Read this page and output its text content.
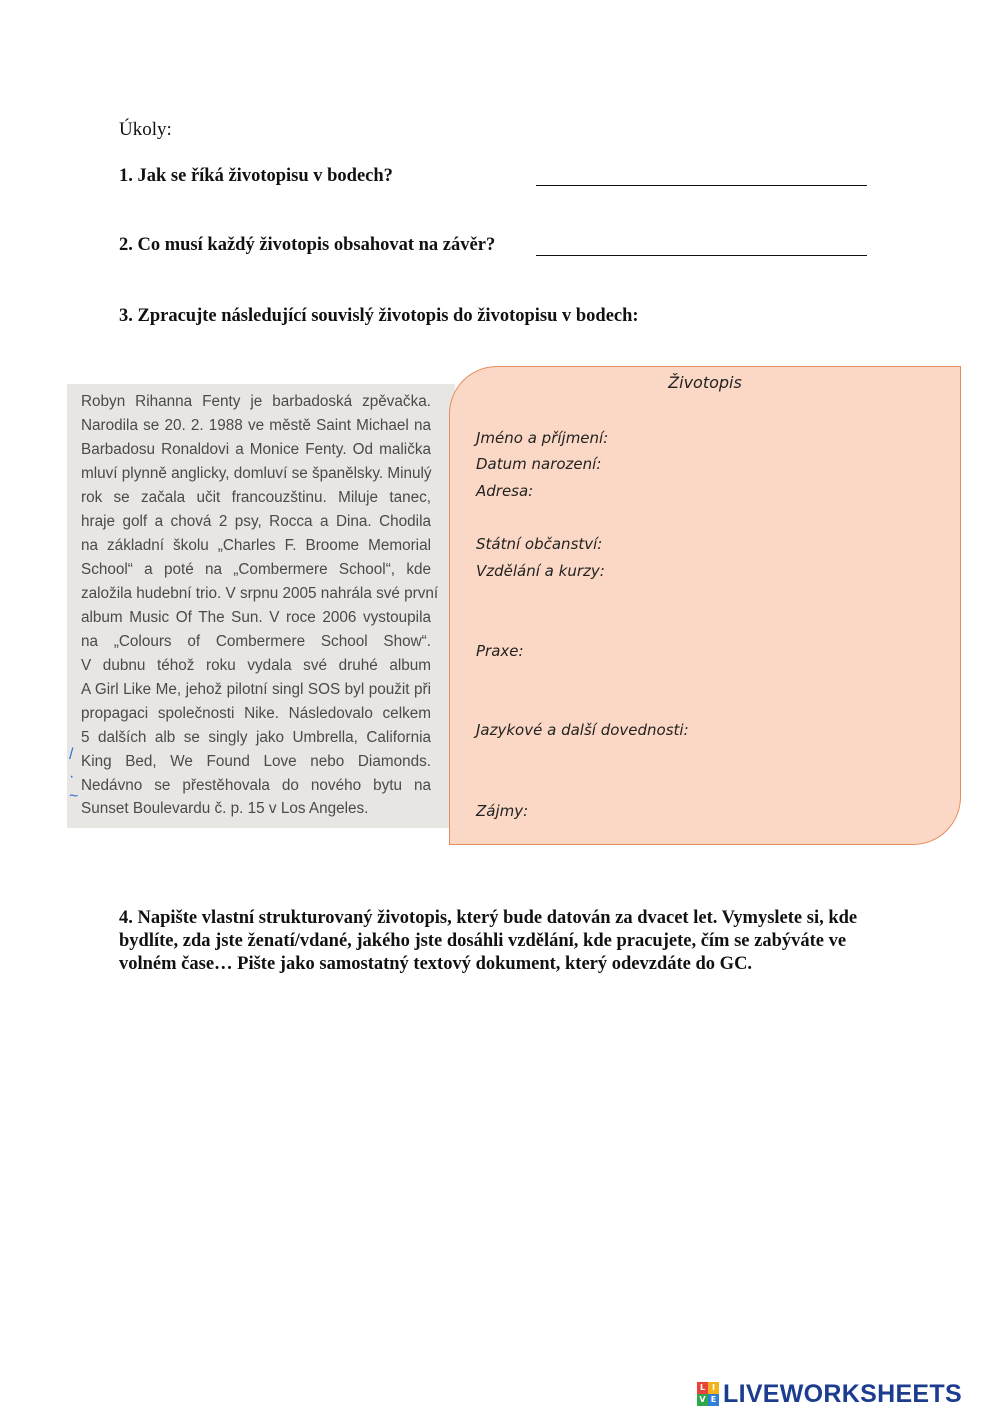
Úkoly:
1. Jak se říká životopisu v bodech?
2. Co musí každý životopis obsahovat na závěr?
3. Zpracujte následující souvislý životopis do životopisu v bodech:
Robyn Rihanna Fenty je barbadoská zpěvačka.
Narodila se 20. 2. 1988 ve městě Saint Michael na
Barbadosu Ronaldovi a Monice Fenty. Od malička
mluví plynně anglicky, domluví se španělsky. Minulý
rok se začala učit francouzštinu. Miluje tanec,
hraje golf a chová 2 psy, Rocca a Dina. Chodila
na základní školu „Charles F. Broome Memorial
School“ a poté na „Combermere School“, kde
založila hudební trio. V srpnu 2005 nahrála své první
album Music Of The Sun. V roce 2006 vystoupila
na „Colours of Combermere School Show“.
V dubnu téhož roku vydala své druhé album
A Girl Like Me, jehož pilotní singl SOS byl použit při
propagaci společnosti Nike. Následovalo celkem
5 dalších alb se singly jako Umbrella, California
King Bed, We Found Love nebo Diamonds.
Nedávno se přestěhovala do nového bytu na
Sunset Boulevardu č. p. 15 v Los Angeles.
/
·
~
Životopis
Jméno a příjmení:
Datum narození:
Adresa:
Státní občanství:
Vzdělání a kurzy:
Praxe:
Jazykové a další dovednosti:
Zájmy:
4. Napište vlastní strukturovaný životopis, který bude datován za dvacet let. Vymyslete si, kde bydlíte, zda jste ženatí/vdané, jakého jste dosáhli vzdělání, kde pracujete, čím se zabýváte ve volném čase… Pište jako samostatný textový dokument, který odevzdáte do GC.
L I
V E LIVEWORKSHEETS
